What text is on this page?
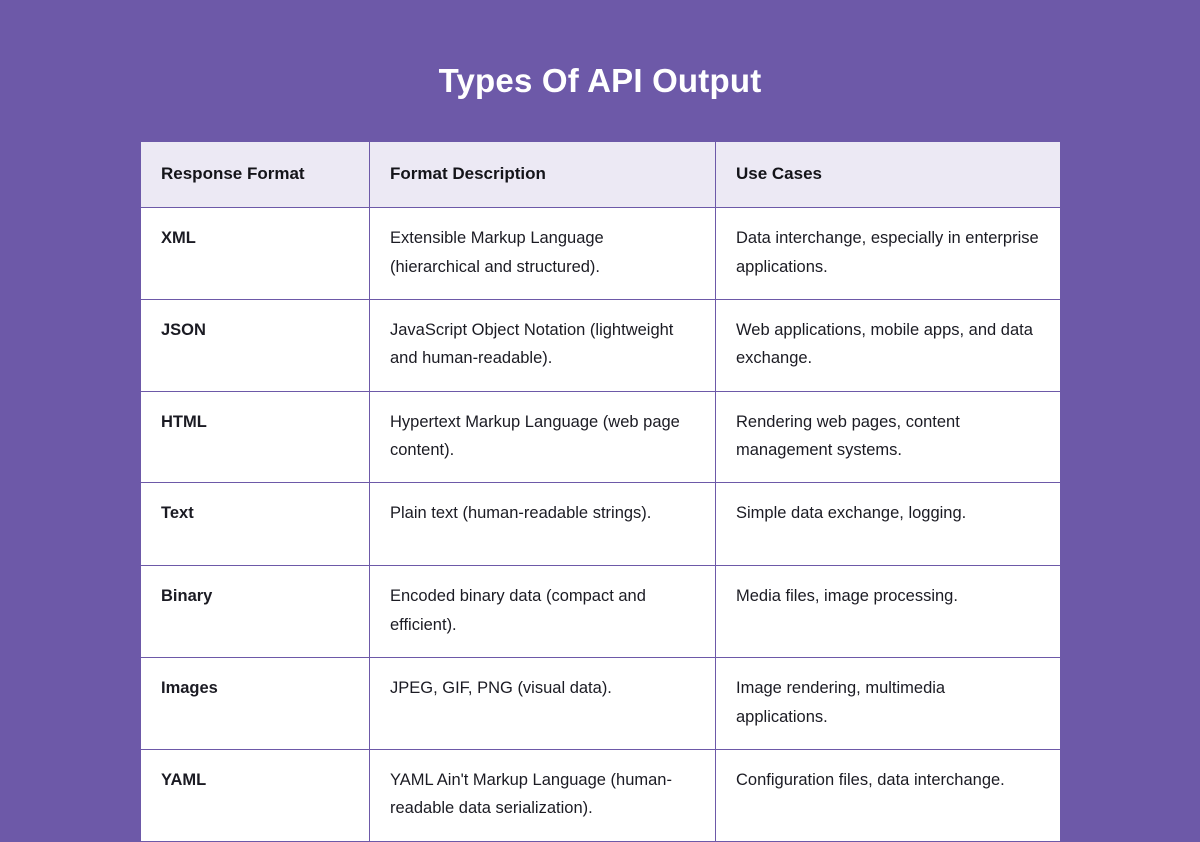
Types Of API Output
Response Format	Format Description	Use Cases
XML	Extensible Markup Language (hierarchical and structured).	Data interchange, especially in enterprise applications.
JSON	JavaScript Object Notation (lightweight and human-readable).	Web applications, mobile apps, and data exchange.
HTML	Hypertext Markup Language (web page content).	Rendering web pages, content management systems.
Text	Plain text (human-readable strings).	Simple data exchange, logging.
Binary	Encoded binary data (compact and efficient).	Media files, image processing.
Images	JPEG, GIF, PNG (visual data).	Image rendering, multimedia applications.
YAML	YAML Ain't Markup Language (human-readable data serialization).	Configuration files, data interchange.
